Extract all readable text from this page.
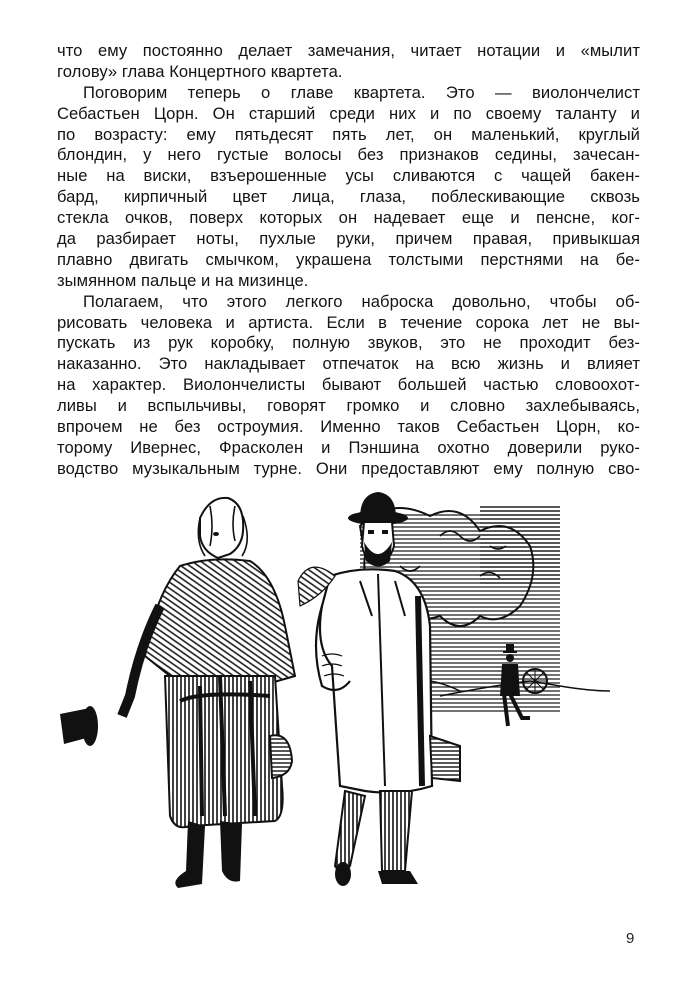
что ему постоянно делает замечания, читает нотации и «мылит
голову» глава Концертного квартета.
Поговорим теперь о главе квартета. Это — виолончелист
Себастьен Цорн. Он старший среди них и по своему таланту и
по возрасту: ему пятьдесят пять лет, он маленький, круглый
блондин, у него густые волосы без признаков седины, зачесан-
ные на виски, взъерошенные усы сливаются с чащей бакен-
бард, кирпичный цвет лица, глаза, поблескивающие сквозь
стекла очков, поверх которых он надевает еще и пенсне, ког-
да разбирает ноты, пухлые руки, причем правая, привыкшая
плавно двигать смычком, украшена толстыми перстнями на бе-
зымянном пальце и на мизинце.
Полагаем, что этого легкого наброска довольно, чтобы об-
рисовать человека и артиста. Если в течение сорока лет не вы-
пускать из рук коробку, полную звуков, это не проходит без-
наказанно. Это накладывает отпечаток на всю жизнь и влияет
на характер. Виолончелисты бывают большей частью словоохот-
ливы и вспыльчивы, говорят громко и словно захлебываясь,
впрочем не без остроумия. Именно таков Себастьен Цорн, ко-
торому Ивернес, Фрасколен и Пэншина охотно доверили руко-
водство музыкальным турне. Они предоставляют ему полную сво-
9
